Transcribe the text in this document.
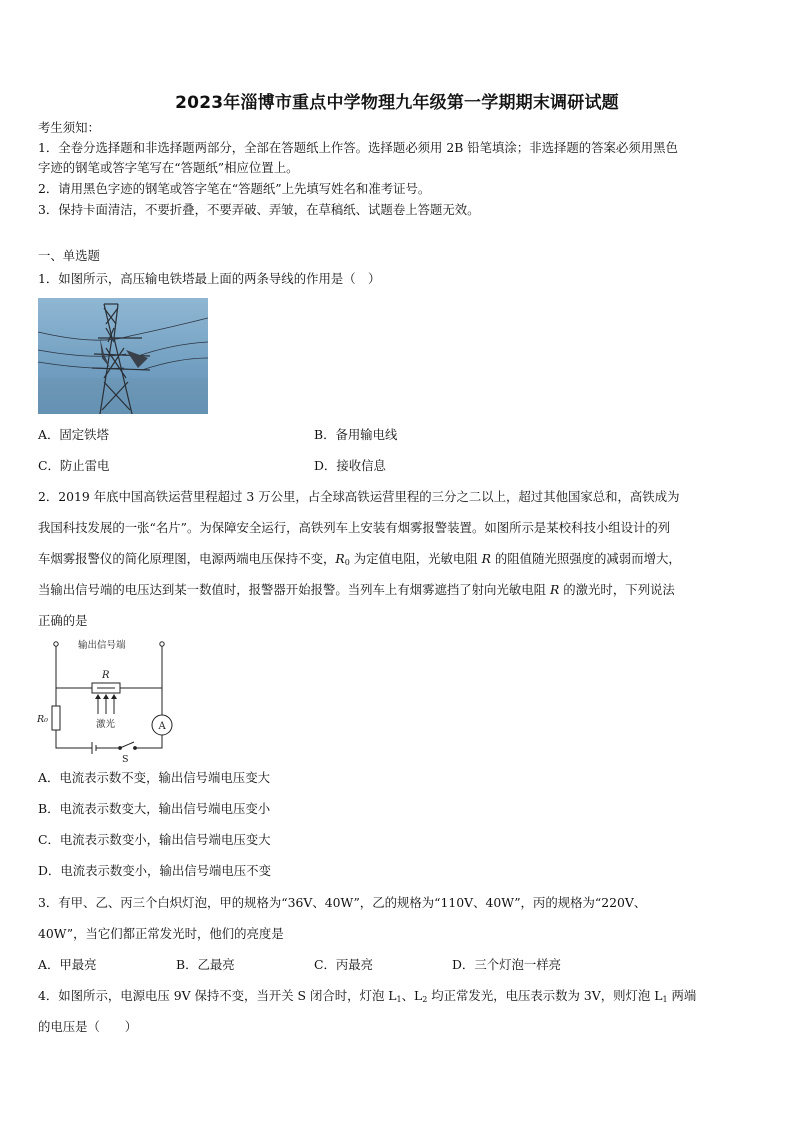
2023年淄博市重点中学物理九年级第一学期期末调研试题
考生须知：
1．全卷分选择题和非选择题两部分，全部在答题纸上作答。选择题必须用 2B 铅笔填涂；非选择题的答案必须用黑色
字迹的钢笔或答字笔写在“答题纸”相应位置上。
2．请用黑色字迹的钢笔或答字笔在“答题纸”上先填写姓名和准考证号。
3．保持卡面清洁，不要折叠，不要弄破、弄皱，在草稿纸、试题卷上答题无效。
一、单选题
1．如图所示，高压输电铁塔最上面的两条导线的作用是（　）
A．固定铁塔	B．备用输电线
C．防止雷电	D．接收信息
2．2019 年底中国高铁运营里程超过 3 万公里，占全球高铁运营里程的三分之二以上，超过其他国家总和，高铁成为
我国科技发展的一张“名片”。为保障安全运行，高铁列车上安装有烟雾报警装置。如图所示是某校科技小组设计的列
车烟雾报警仪的简化原理图，电源两端电压保持不变，$R_0$ 为定值电阻，光敏电阻 R 的阻值随光照强度的减弱而增大，
当输出信号端的电压达到某一数值时，报警器开始报警。当列车上有烟雾遮挡了射向光敏电阻 R 的激光时，下列说法
正确的是
输出信号端
R
R₀	激光	A
S
A．电流表示数不变，输出信号端电压变大
B．电流表示数变大，输出信号端电压变小
C．电流表示数变小，输出信号端电压变大
D．电流表示数变小，输出信号端电压不变
3．有甲、乙、丙三个白炽灯泡，甲的规格为“36V、40W”，乙的规格为“110V、40W”，丙的规格为“220V、
40W”，当它们都正常发光时，他们的亮度是
A．甲最亮	B．乙最亮	C．丙最亮	D．三个灯泡一样亮
4．如图所示，电源电压 9V 保持不变，当开关 S 闭合时，灯泡 $L_1$、$L_2$ 均正常发光，电压表示数为 3V，则灯泡 $L_1$ 两端
的电压是（　　）
